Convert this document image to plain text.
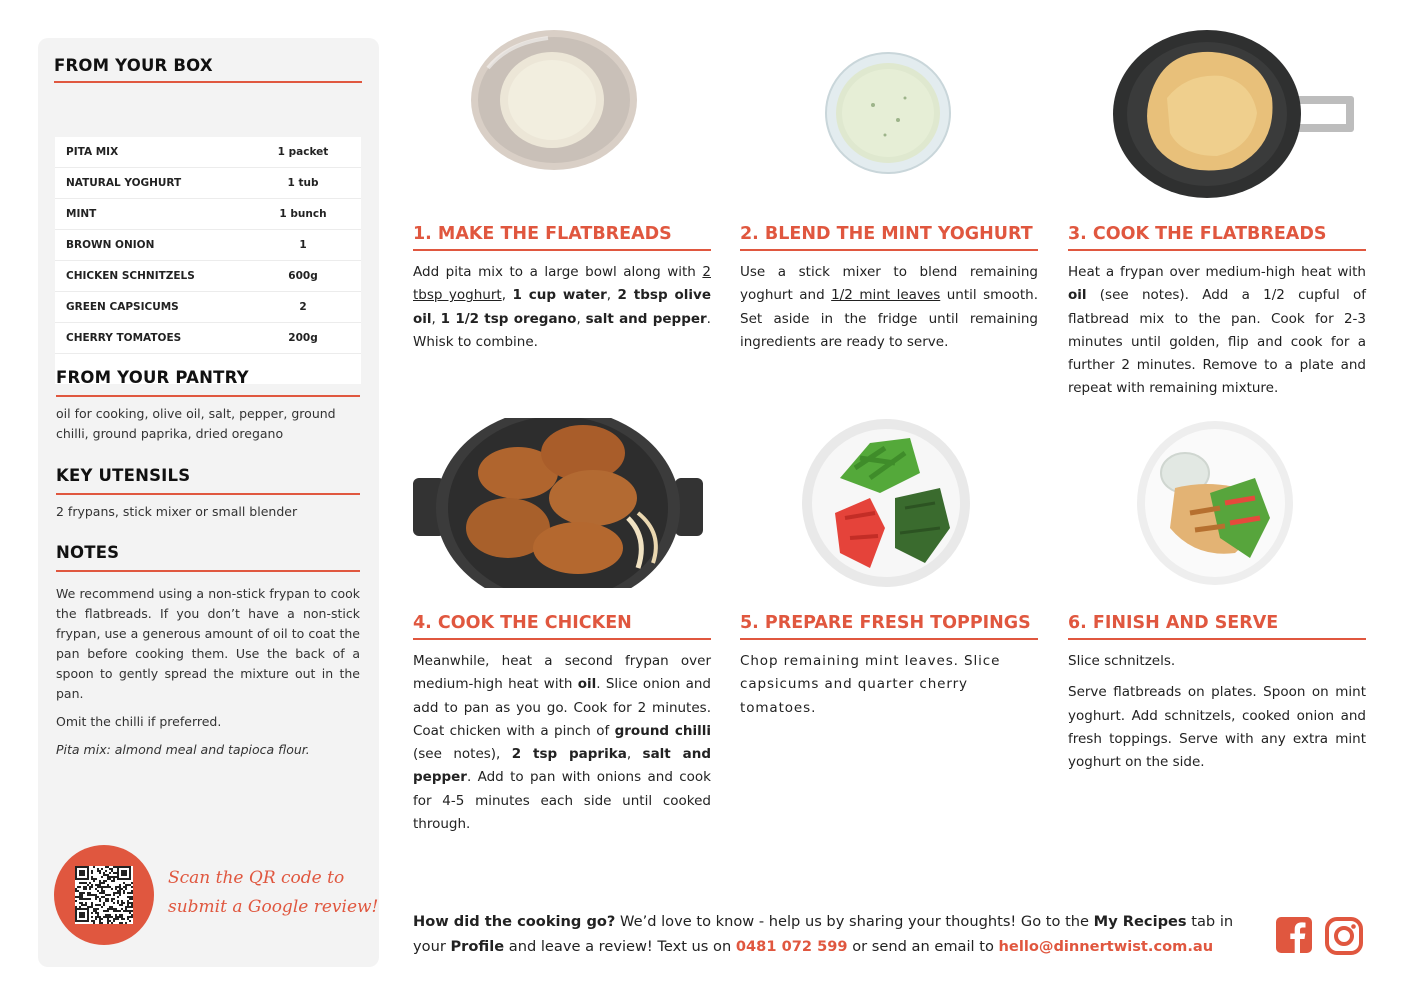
FROM YOUR BOX
PITA MIX	1 packet
NATURAL YOGHURT	1 tub
MINT	1 bunch
BROWN ONION	1
CHICKEN SCHNITZELS	600g
GREEN CAPSICUMS	2
CHERRY TOMATOES	200g
FROM YOUR PANTRY

oil for cooking, olive oil, salt, pepper, ground chilli, ground paprika, dried oregano

KEY UTENSILS

2 frypans, stick mixer or small blender

NOTES

We recommend using a non-stick frypan to cook the flatbreads. If you don’t have a non-stick frypan, use a generous amount of oil to coat the pan before cooking them. Use the back of a spoon to gently spread the mixture out in the pan.

Omit the chilli if preferred.

Pita mix: almond meal and tapioca flour.

Scan the QR code to
submit a Google review!
1. MAKE THE FLATBREADS

Add pita mix to a large bowl along with 2 tbsp yoghurt, 1 cup water, 2 tbsp olive oil, 1 1/2 tsp oregano, salt and pepper. Whisk to combine.

2. BLEND THE MINT YOGHURT

Use a stick mixer to blend remaining yoghurt and 1/2 mint leaves until smooth. Set aside in the fridge until remaining ingredients are ready to serve.

3. COOK THE FLATBREADS

Heat a frypan over medium-high heat with oil (see notes). Add a 1/2 cupful of flatbread mix to the pan. Cook for 2-3 minutes until golden, flip and cook for a further 2 minutes. Remove to a plate and repeat with remaining mixture.

4. COOK THE CHICKEN

Meanwhile, heat a second frypan over medium-high heat with oil. Slice onion and add to pan as you go. Cook for 2 minutes. Coat chicken with a pinch of ground chilli (see notes), 2 tsp paprika, salt and pepper. Add to pan with onions and cook for 4-5 minutes each side until cooked through.

5. PREPARE FRESH TOPPINGS

Chop remaining mint leaves. Slice capsicums and quarter cherry tomatoes.

6. FINISH AND SERVE

Slice schnitzels.

Serve flatbreads on plates. Spoon on mint yoghurt. Add schnitzels, cooked onion and fresh toppings. Serve with any extra mint yoghurt on the side.

How did the cooking go? We’d love to know - help us by sharing your thoughts! Go to the My Recipes tab in your Profile and leave a review! Text us on 0481 072 599 or send an email to hello@dinnertwist.com.au
